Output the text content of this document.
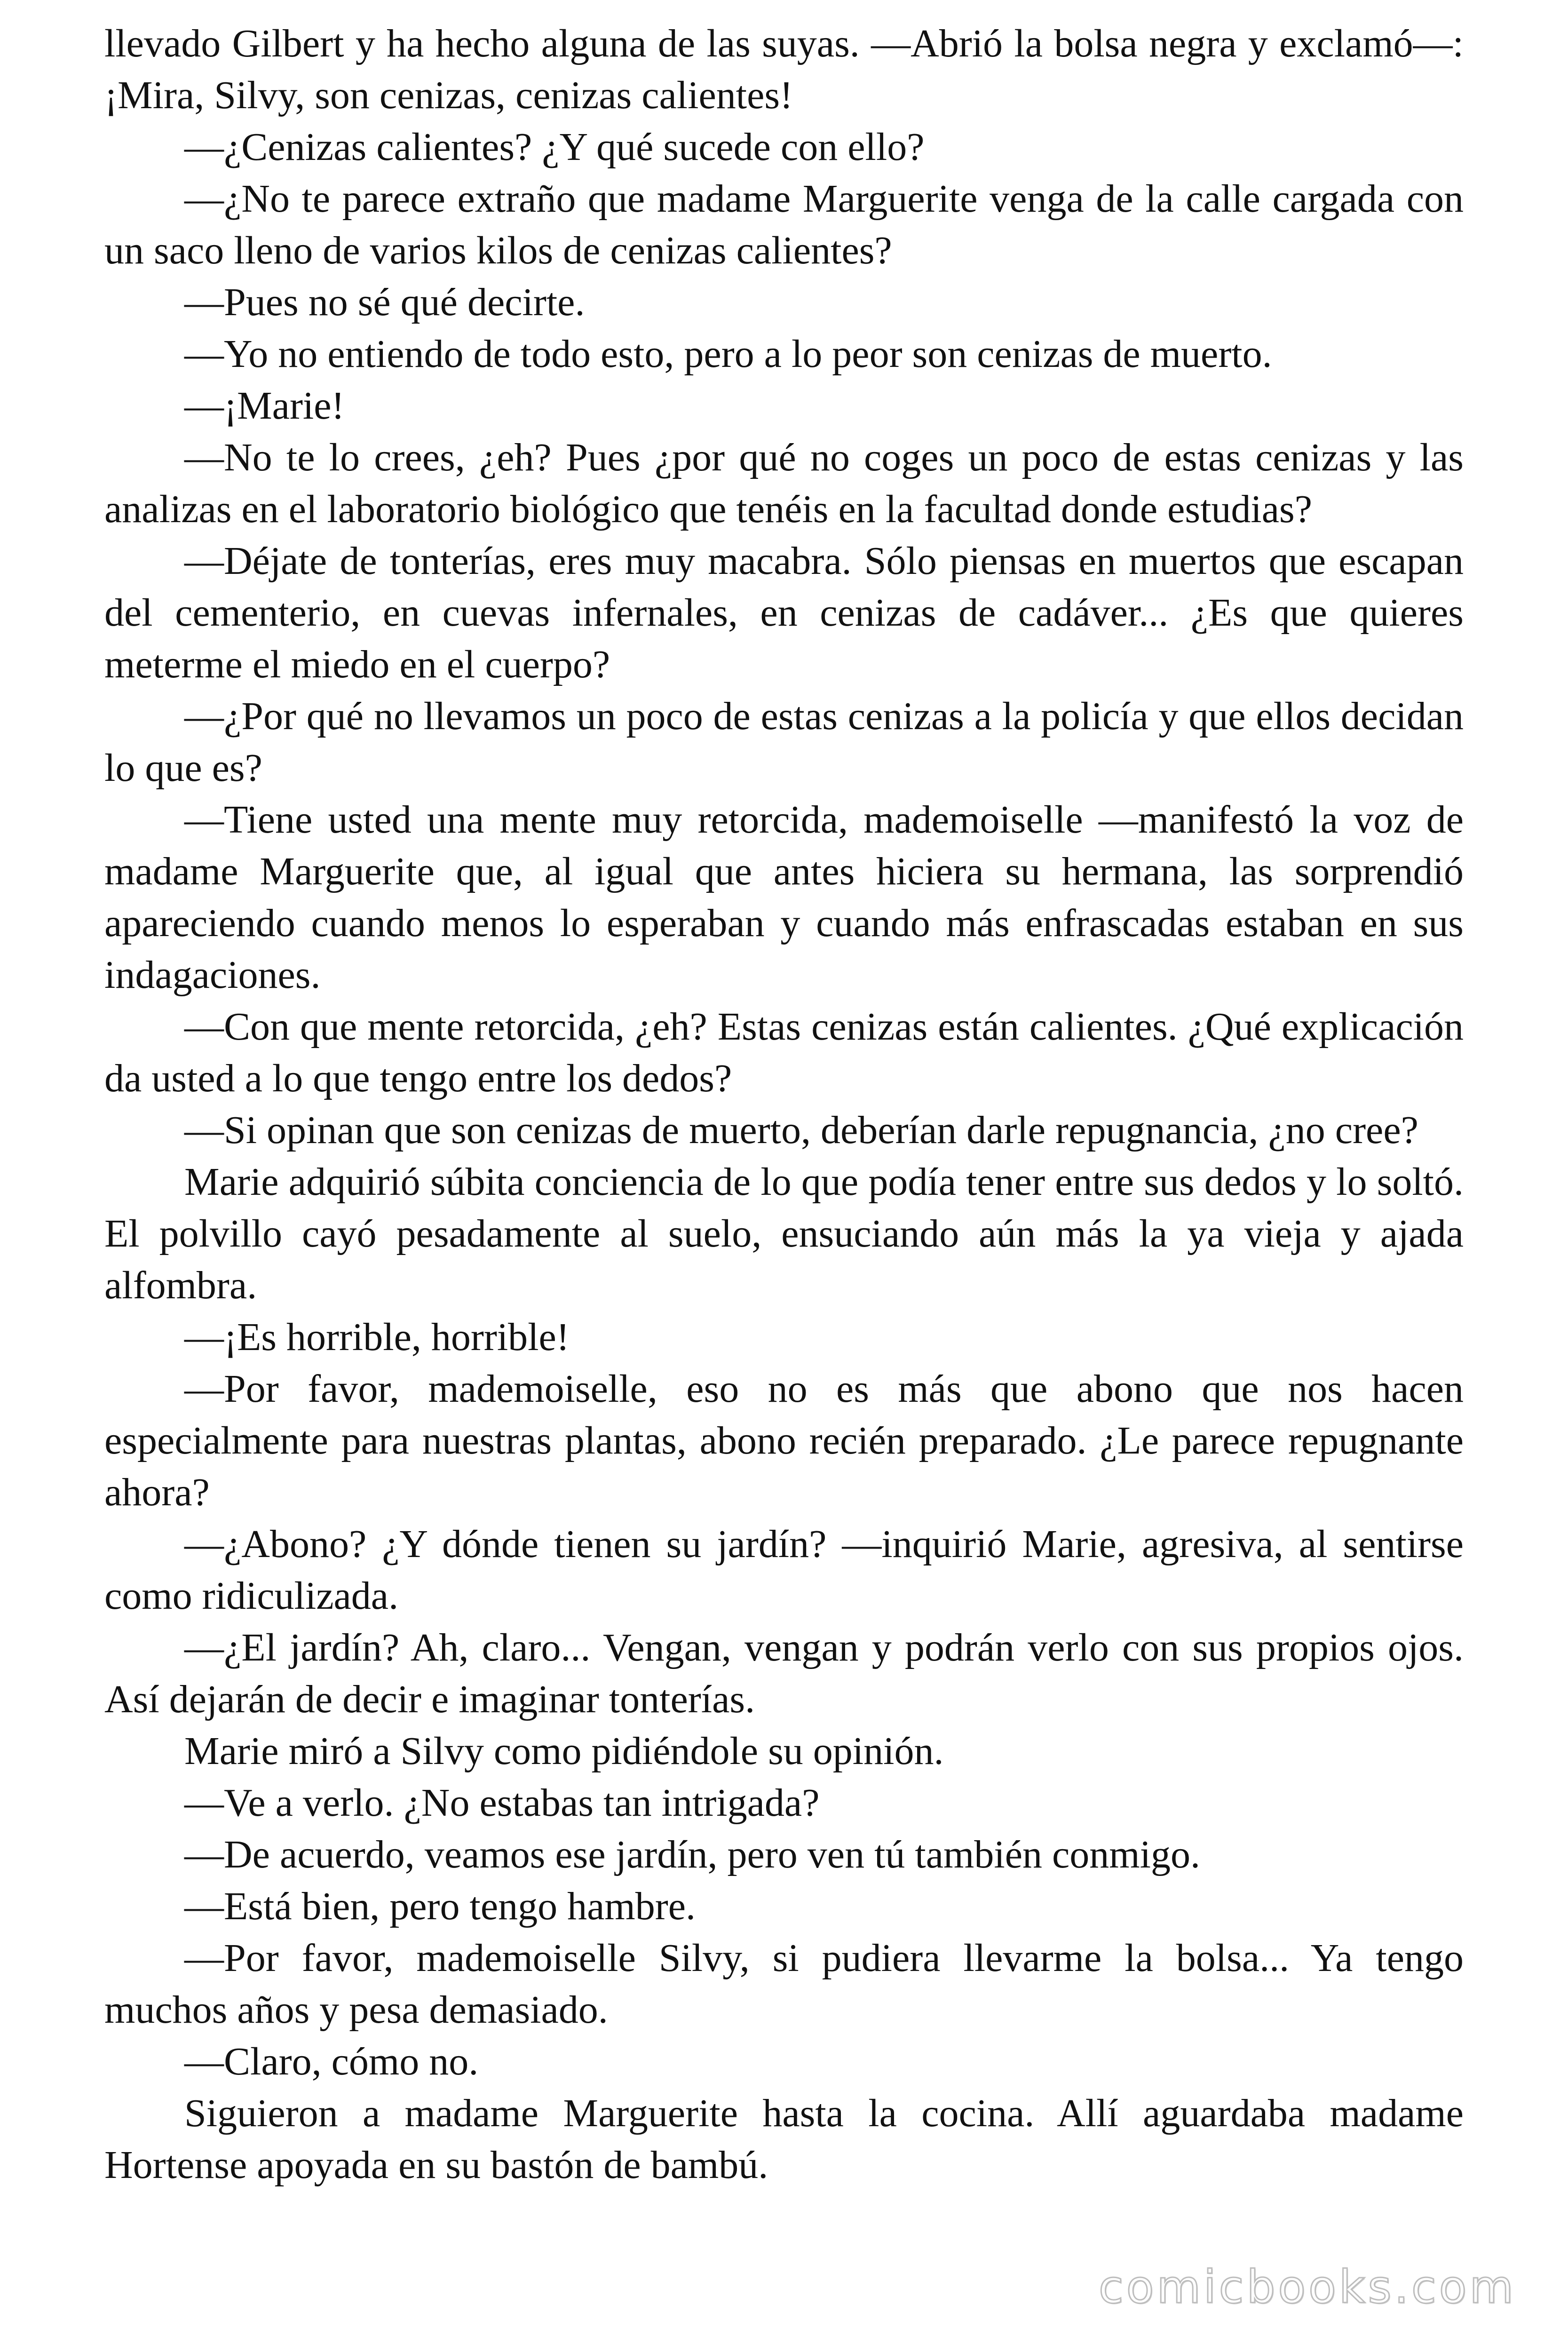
llevado Gilbert y ha hecho alguna de las suyas. —Abrió la bolsa negra y exclamó—: ¡Mira, Silvy, son cenizas, cenizas calientes!

—¿Cenizas calientes? ¿Y qué sucede con ello?

—¿No te parece extraño que madame Marguerite venga de la calle cargada con un saco lleno de varios kilos de cenizas calientes?

—Pues no sé qué decirte.

—Yo no entiendo de todo esto, pero a lo peor son cenizas de muerto.

—¡Marie!

—No te lo crees, ¿eh? Pues ¿por qué no coges un poco de estas cenizas y las analizas en el laboratorio biológico que tenéis en la facultad donde estudias?

—Déjate de tonterías, eres muy macabra. Sólo piensas en muertos que escapan del cementerio, en cuevas infernales, en cenizas de cadáver... ¿Es que quieres meterme el miedo en el cuerpo?

—¿Por qué no llevamos un poco de estas cenizas a la policía y que ellos decidan lo que es?

—Tiene usted una mente muy retorcida, mademoiselle —manifestó la voz de madame Marguerite que, al igual que antes hiciera su hermana, las sorprendió apareciendo cuando menos lo esperaban y cuando más enfrascadas estaban en sus indagaciones.

—Con que mente retorcida, ¿eh? Estas cenizas están calientes. ¿Qué explicación da usted a lo que tengo entre los dedos?

—Si opinan que son cenizas de muerto, deberían darle repugnancia, ¿no cree?

Marie adquirió súbita conciencia de lo que podía tener entre sus dedos y lo soltó. El polvillo cayó pesadamente al suelo, ensuciando aún más la ya vieja y ajada alfombra.

—¡Es horrible, horrible!

—Por favor, mademoiselle, eso no es más que abono que nos hacen especialmente para nuestras plantas, abono recién preparado. ¿Le parece repugnante ahora?

—¿Abono? ¿Y dónde tienen su jardín? —inquirió Marie, agresiva, al sentirse como ridiculizada.

—¿El jardín? Ah, claro... Vengan, vengan y podrán verlo con sus propios ojos. Así dejarán de decir e imaginar tonterías.

Marie miró a Silvy como pidiéndole su opinión.

—Ve a verlo. ¿No estabas tan intrigada?

—De acuerdo, veamos ese jardín, pero ven tú también conmigo.

—Está bien, pero tengo hambre.

—Por favor, mademoiselle Silvy, si pudiera llevarme la bolsa... Ya tengo muchos años y pesa demasiado.

—Claro, cómo no.

Siguieron a madame Marguerite hasta la cocina. Allí aguardaba madame Hortense apoyada en su bastón de bambú.

comicbooks.com
